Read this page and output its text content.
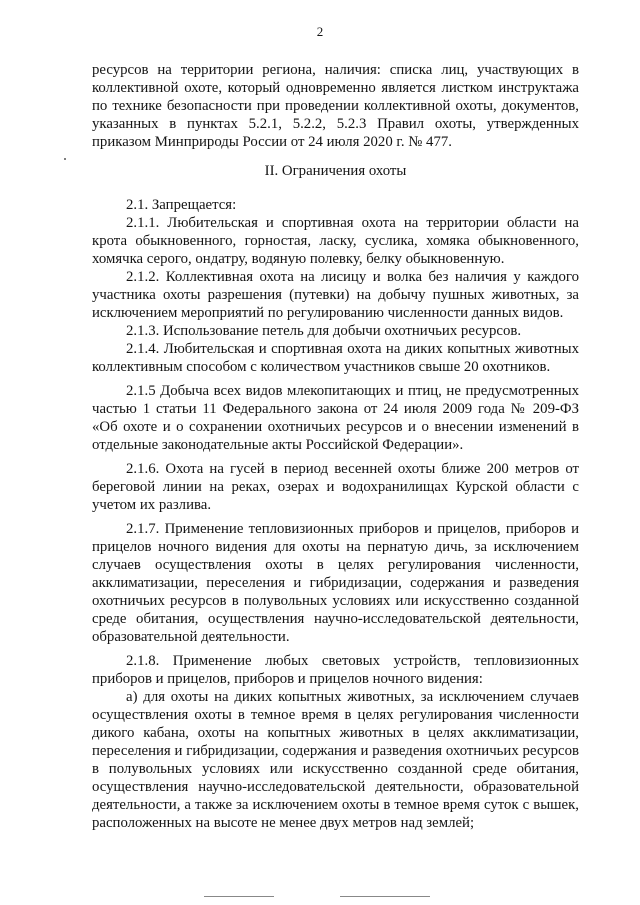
2

ресурсов на территории региона, наличия: списка лиц, участвующих в коллективной охоте, который одновременно является листком инструктажа по технике безопасности при проведении коллективной охоты, документов, указанных в пунктах 5.2.1, 5.2.2, 5.2.3 Правил охоты, утвержденных приказом Минприроды России от 24 июля 2020 г. № 477.

II. Ограничения охоты

2.1. Запрещается:

2.1.1. Любительская и спортивная охота на территории области на крота обыкновенного, горностая, ласку, суслика, хомяка обыкновенного, хомячка серого, ондатру, водяную полевку, белку обыкновенную.

2.1.2. Коллективная охота на лисицу и волка без наличия у каждого участника охоты разрешения (путевки) на добычу пушных животных, за исключением мероприятий по регулированию численности данных видов.

2.1.3. Использование петель для добычи охотничьих ресурсов.

2.1.4. Любительская и спортивная охота на диких копытных животных коллективным способом с количеством участников свыше 20 охотников.

2.1.5 Добыча всех видов млекопитающих и птиц, не предусмотренных частью 1 статьи 11 Федерального закона от 24 июля 2009 года № 209-ФЗ «Об охоте и о сохранении охотничьих ресурсов и о внесении изменений в отдельные законодательные акты Российской Федерации».

2.1.6. Охота на гусей в период весенней охоты ближе 200 метров от береговой линии на реках, озерах и водохранилищах Курской области с учетом их разлива.

2.1.7. Применение тепловизионных приборов и прицелов, приборов и прицелов ночного видения для охоты на пернатую дичь, за исключением случаев осуществления охоты в целях регулирования численности, акклиматизации, переселения и гибридизации, содержания и разведения охотничьих ресурсов в полувольных условиях или искусственно созданной среде обитания, осуществления научно-исследовательской деятельности, образовательной деятельности.

2.1.8. Применение любых световых устройств, тепловизионных приборов и прицелов, приборов и прицелов ночного видения:

а) для охоты на диких копытных животных, за исключением случаев осуществления охоты в темное время в целях регулирования численности дикого кабана, охоты на копытных животных в целях акклиматизации, переселения и гибридизации, содержания и разведения охотничьих ресурсов в полувольных условиях или искусственно созданной среде обитания, осуществления научно-исследовательской деятельности, образовательной деятельности, а также за исключением охоты в темное время суток с вышек, расположенных на высоте не менее двух метров над землей;
